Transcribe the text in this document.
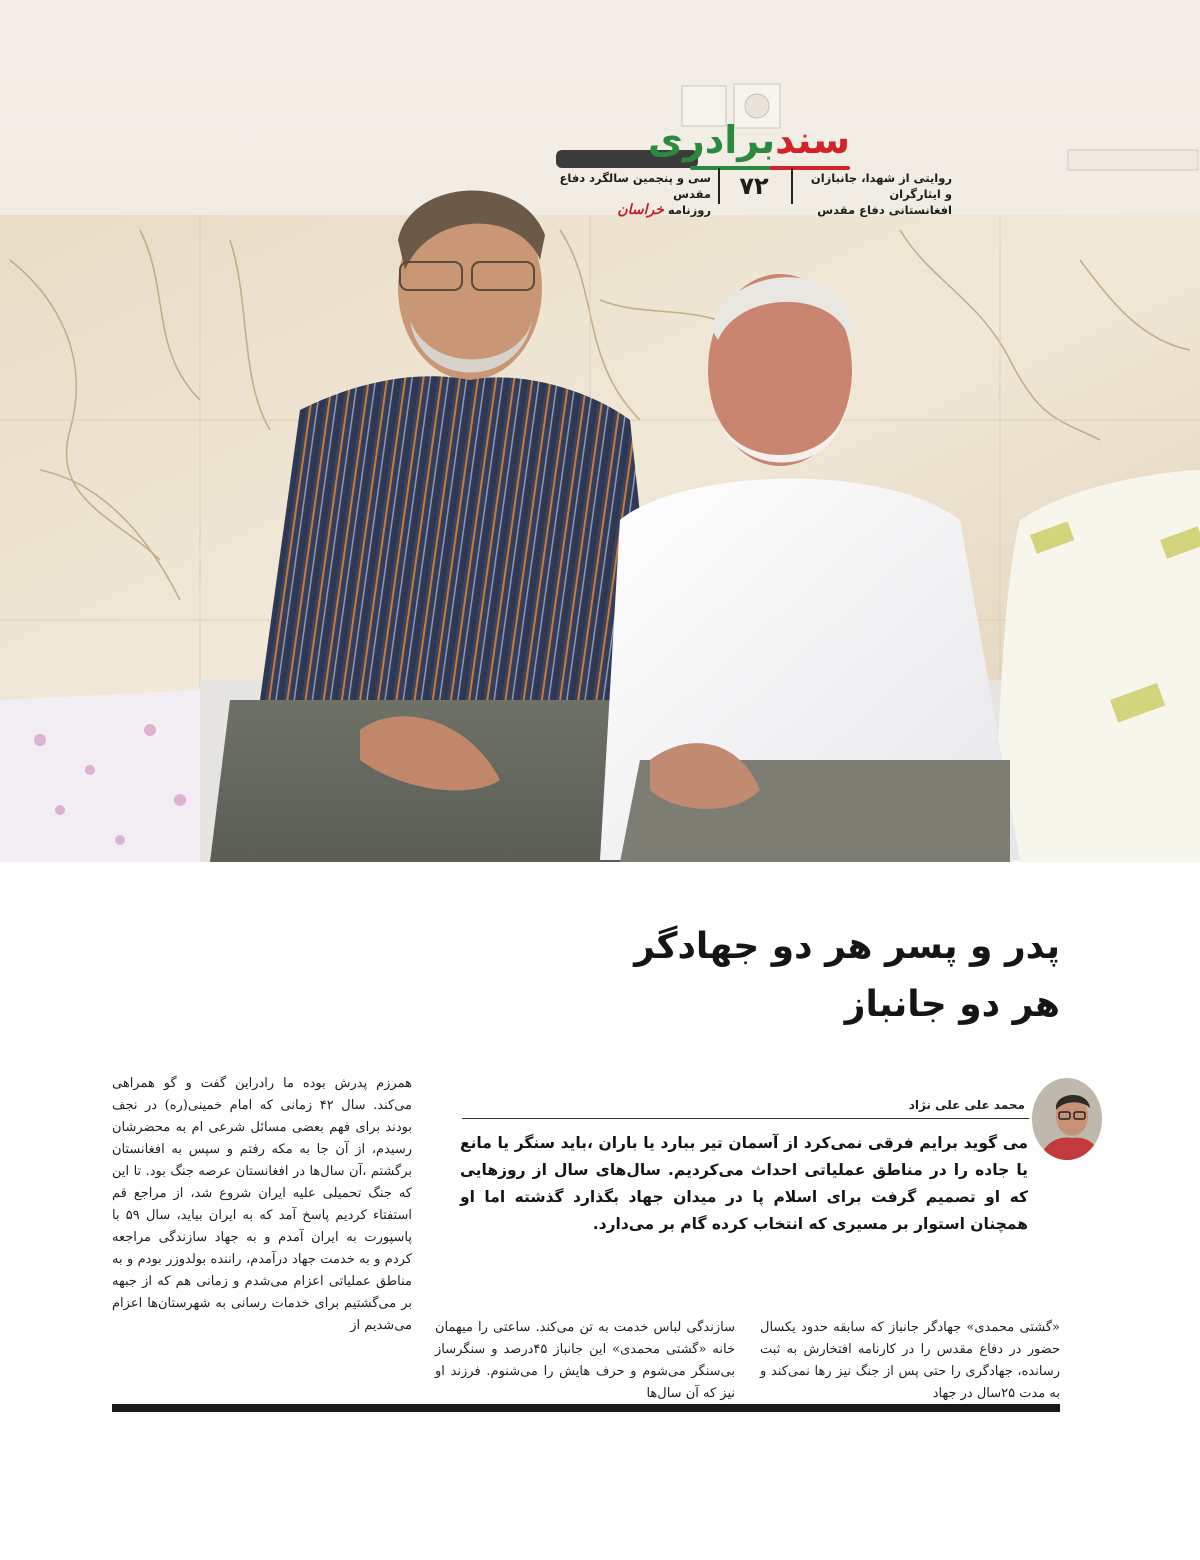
سندبرادری
روایتی از شهدا، جانبازان و ایثارگران
افغانستانی دفاع مقدس
۷۲
سی و پنجمین سالگرد دفاع مقدس
روزنامه خراسان
پدر و پسر هر دو جهادگر
هر دو جانباز
محمد علی علی نژاد
می گوید برایم فرقی نمی‌کرد از آسمان تیر ببارد یا باران ،باید سنگر یا مانع یا جاده را در مناطق عملیاتی احداث می‌کردیم. سال‌های سال از روزهایی که او تصمیم گرفت برای اسلام پا در میدان جهاد بگذارد گذشته اما او همچنان استوار بر مسیری که انتخاب کرده گام بر می‌دارد.

«گشتی محمدی» جهادگر جانباز که سابقه حدود یکسال حضور در دفاع مقدس را در کارنامه افتخارش به ثبت رسانده، جهادگری را حتی پس از جنگ نیز رها نمی‌کند و به مدت ۲۵سال در جهاد

سازندگی لباس خدمت به تن می‌کند. ساعتی را میهمان خانه «گشتی محمدی» این جانباز ۴۵درصد و سنگرساز بی‌سنگر می‌شوم و حرف هایش را می‌شنوم. فرزند او نیز که آن سال‌ها

همرزم پدرش بوده ما رادراین گفت و گو همراهی می‌کند. سال ۴۲ زمانی که امام خمینی(ره) در نجف بودند برای فهم بعضی مسائل شرعی ام به محضرشان رسیدم، از آن جا به مکه رفتم و سپس به افغانستان برگشتم ،آن سال‌ها در افغانستان عرصه جنگ بود. تا این که جنگ تحمیلی علیه ایران شروع شد، از مراجع قم استفتاء کردیم پاسخ آمد که به ایران بیاید، سال ۵۹ با پاسپورت به ایران آمدم و به جهاد سازندگی مراجعه کردم و به خدمت جهاد درآمدم، راننده بولدوزر بودم و به مناطق عملیاتی اعزام می‌شدم و زمانی هم که از جبهه بر می‌گشتیم برای خدمات رسانی به شهرستان‌ها اعزام می‌شدیم از
